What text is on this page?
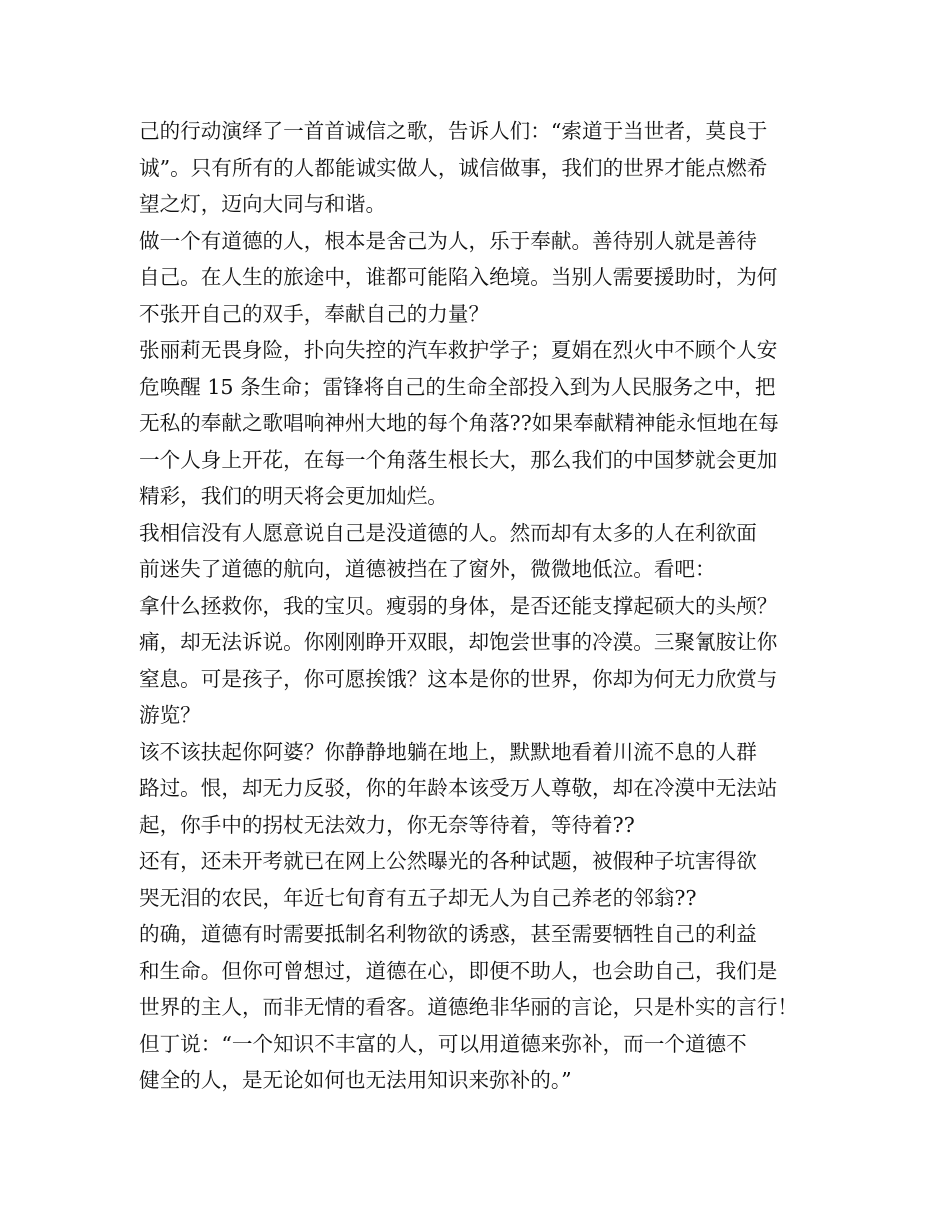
己的行动演绎了一首首诚信之歌，告诉人们：“索道于当世者，莫良于
诚”。只有所有的人都能诚实做人，诚信做事，我们的世界才能点燃希
望之灯，迈向大同与和谐。
做一个有道德的人，根本是舍己为人，乐于奉献。善待别人就是善待
自己。在人生的旅途中，谁都可能陷入绝境。当别人需要援助时，为何
不张开自己的双手，奉献自己的力量？
张丽莉无畏身险，扑向失控的汽车救护学子；夏娟在烈火中不顾个人安
危唤醒 15 条生命；雷锋将自己的生命全部投入到为人民服务之中，把
无私的奉献之歌唱响神州大地的每个角落??如果奉献精神能永恒地在每
一个人身上开花，在每一个角落生根长大，那么我们的中国梦就会更加
精彩，我们的明天将会更加灿烂。
我相信没有人愿意说自己是没道德的人。然而却有太多的人在利欲面
前迷失了道德的航向，道德被挡在了窗外，微微地低泣。看吧：
拿什么拯救你，我的宝贝。瘦弱的身体，是否还能支撑起硕大的头颅？
痛，却无法诉说。你刚刚睁开双眼，却饱尝世事的冷漠。三聚氰胺让你
窒息。可是孩子，你可愿挨饿？这本是你的世界，你却为何无力欣赏与
游览？
该不该扶起你阿婆？你静静地躺在地上，默默地看着川流不息的人群
路过。恨，却无力反驳，你的年龄本该受万人尊敬，却在冷漠中无法站
起，你手中的拐杖无法效力，你无奈等待着，等待着??
还有，还未开考就已在网上公然曝光的各种试题，被假种子坑害得欲
哭无泪的农民，年近七旬育有五子却无人为自己养老的邻翁??
的确，道德有时需要抵制名利物欲的诱惑，甚至需要牺牲自己的利益
和生命。但你可曾想过，道德在心，即便不助人，也会助自己，我们是
世界的主人，而非无情的看客。道德绝非华丽的言论，只是朴实的言行！
但丁说：“一个知识不丰富的人，可以用道德来弥补，而一个道德不
健全的人，是无论如何也无法用知识来弥补的。”
